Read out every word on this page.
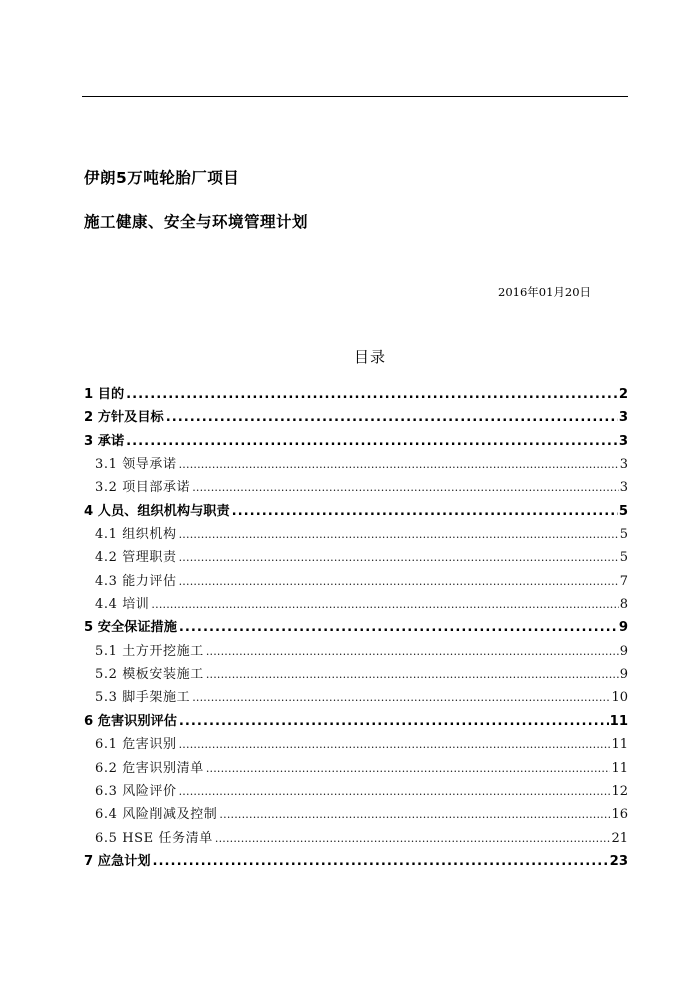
伊朗5万吨轮胎厂项目
施工健康、安全与环境管理计划
2016年01月20日
目录
1 目的 .....	2
2 方针及目标 .....	3
3 承诺 .....	3
3.1 领导承诺 .....	3
3.2 项目部承诺 .....	3
4 人员、组织机构与职责 .....	5
4.1 组织机构 .....	5
4.2 管理职责 .....	5
4.3 能力评估 .....	7
4.4 培训 .....	8
5 安全保证措施 .....	9
5.1 土方开挖施工 .....	9
5.2 模板安装施工 .....	9
5.3 脚手架施工 .....	10
6 危害识别评估 .....	11
6.1 危害识别 .....	11
6.2 危害识别清单 .....	11
6.3 风险评价 .....	12
6.4 风险削减及控制 .....	16
6.5 HSE 任务清单 .....	21
7 应急计划 .....	23
